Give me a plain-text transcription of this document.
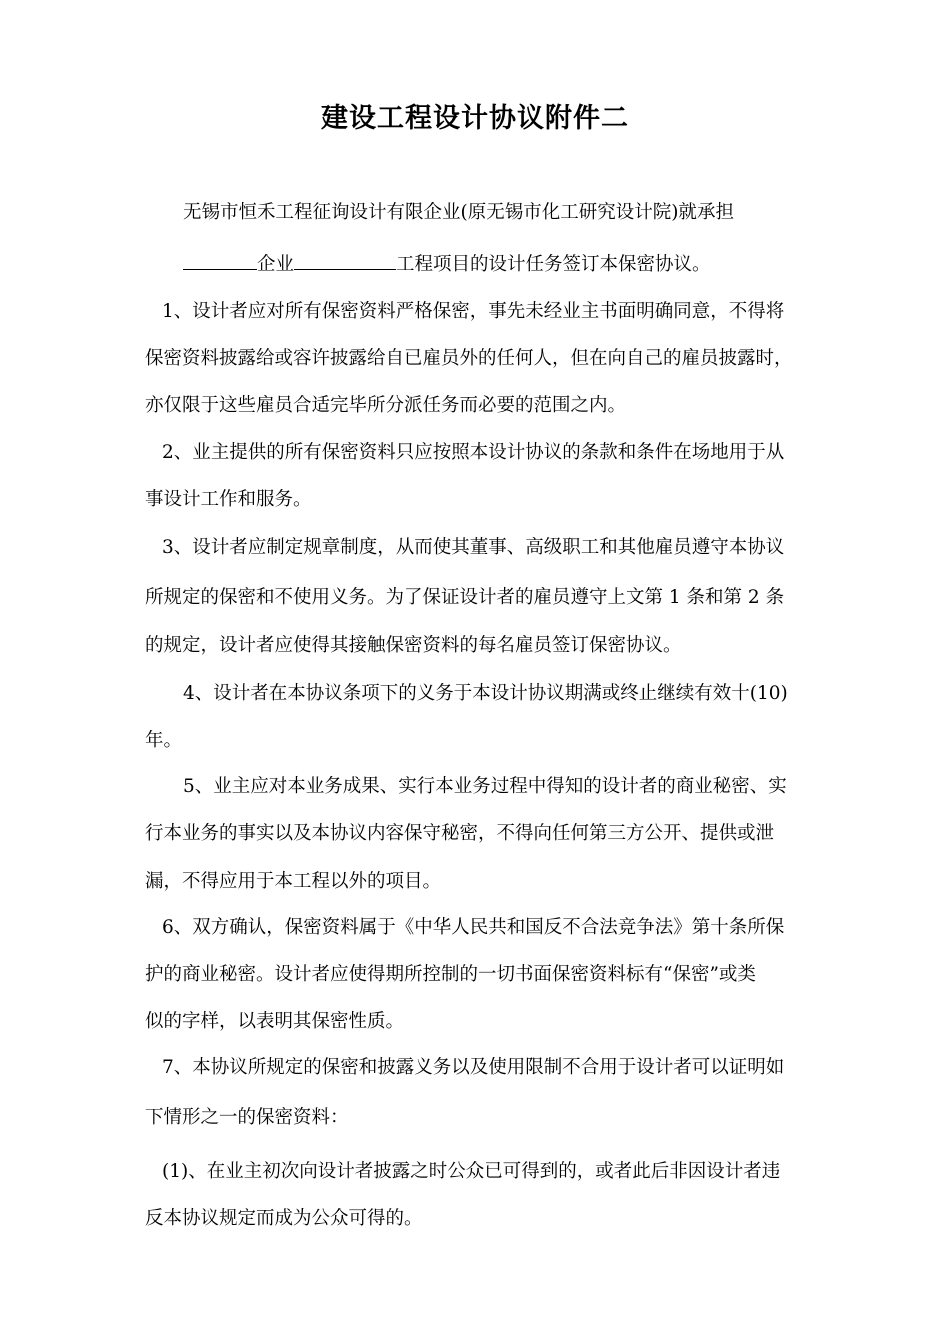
建设工程设计协议附件二
无锡市恒禾工程征询设计有限企业(原无锡市化工研究设计院)就承担
企业	工程项目的设计任务签订本保密协议。
1、设计者应对所有保密资料严格保密，事先未经业主书面明确同意，不得将
保密资料披露给或容许披露给自已雇员外的任何人，但在向自己的雇员披露时，
亦仅限于这些雇员合适完毕所分派任务而必要的范围之内。
2、业主提供的所有保密资料只应按照本设计协议的条款和条件在场地用于从
事设计工作和服务。
3、设计者应制定规章制度，从而使其董事、高级职工和其他雇员遵守本协议
所规定的保密和不使用义务。为了保证设计者的雇员遵守上文第 1 条和第 2 条
的规定，设计者应使得其接触保密资料的每名雇员签订保密协议。
4、设计者在本协议条项下的义务于本设计协议期满或终止继续有效十(10)
年。
5、业主应对本业务成果、实行本业务过程中得知的设计者的商业秘密、实
行本业务的事实以及本协议内容保守秘密，不得向任何第三方公开、提供或泄
漏，不得应用于本工程以外的项目。
6、双方确认，保密资料属于《中华人民共和国反不合法竞争法》第十条所保
护的商业秘密。设计者应使得期所控制的一切书面保密资料标有“保密”或类
似的字样，以表明其保密性质。
7、本协议所规定的保密和披露义务以及使用限制不合用于设计者可以证明如
下情形之一的保密资料：
(1)、在业主初次向设计者披露之时公众已可得到的，或者此后非因设计者违
反本协议规定而成为公众可得的。
